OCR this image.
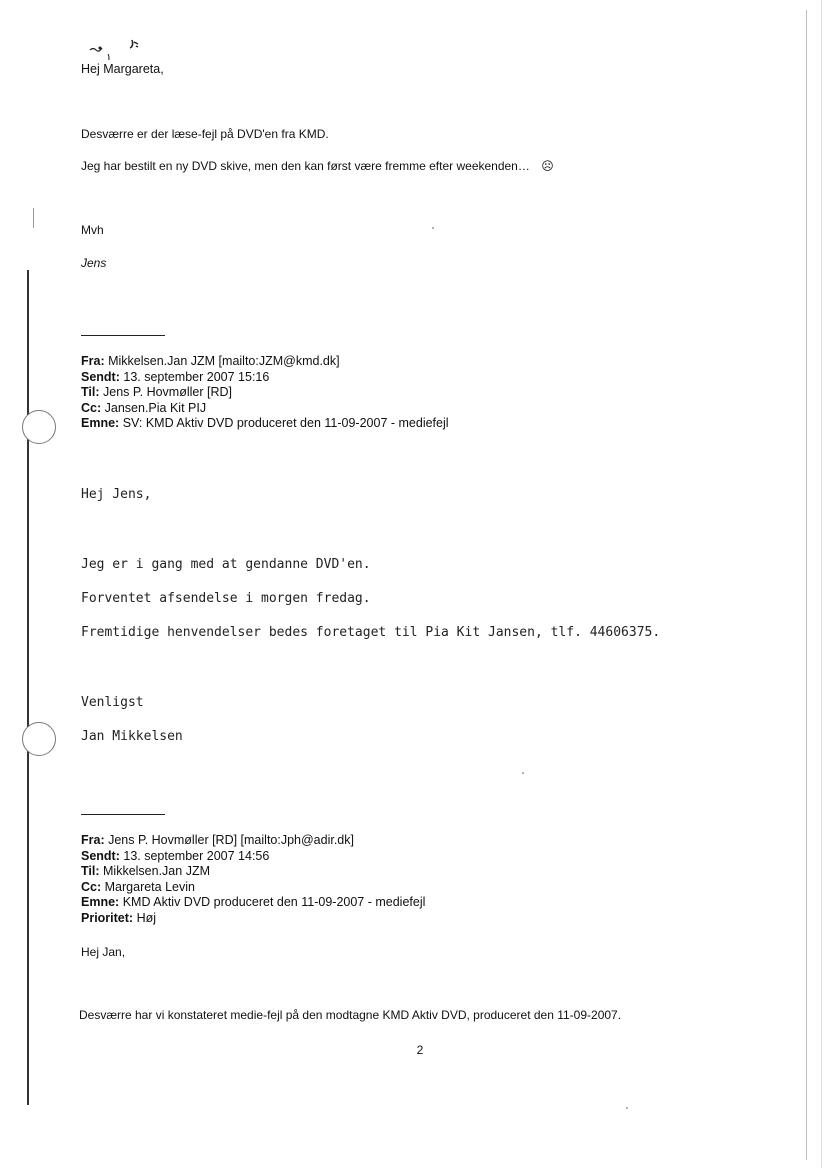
Hej Margareta,
Desværre er der læse-fejl på DVD'en fra KMD.
Jeg har bestilt en ny DVD skive, men den kan først være fremme efter weekenden… ☹
Mvh
Jens
Fra: Mikkelsen.Jan JZM [mailto:JZM@kmd.dk]
Sendt: 13. september 2007 15:16
Til: Jens P. Hovmøller [RD]
Cc: Jansen.Pia Kit PIJ
Emne: SV: KMD Aktiv DVD produceret den 11-09-2007 - mediefejl
Hej Jens,
Jeg er i gang med at gendanne DVD'en.
Forventet afsendelse i morgen fredag.
Fremtidige henvendelser bedes foretaget til Pia Kit Jansen, tlf. 44606375.
Venligst
Jan Mikkelsen
Fra: Jens P. Hovmøller [RD] [mailto:Jph@adir.dk]
Sendt: 13. september 2007 14:56
Til: Mikkelsen.Jan JZM
Cc: Margareta Levin
Emne: KMD Aktiv DVD produceret den 11-09-2007 - mediefejl
Prioritet: Høj
Hej Jan,
Desværre har vi konstateret medie-fejl på den modtagne KMD Aktiv DVD, produceret den 11-09-2007.
2
